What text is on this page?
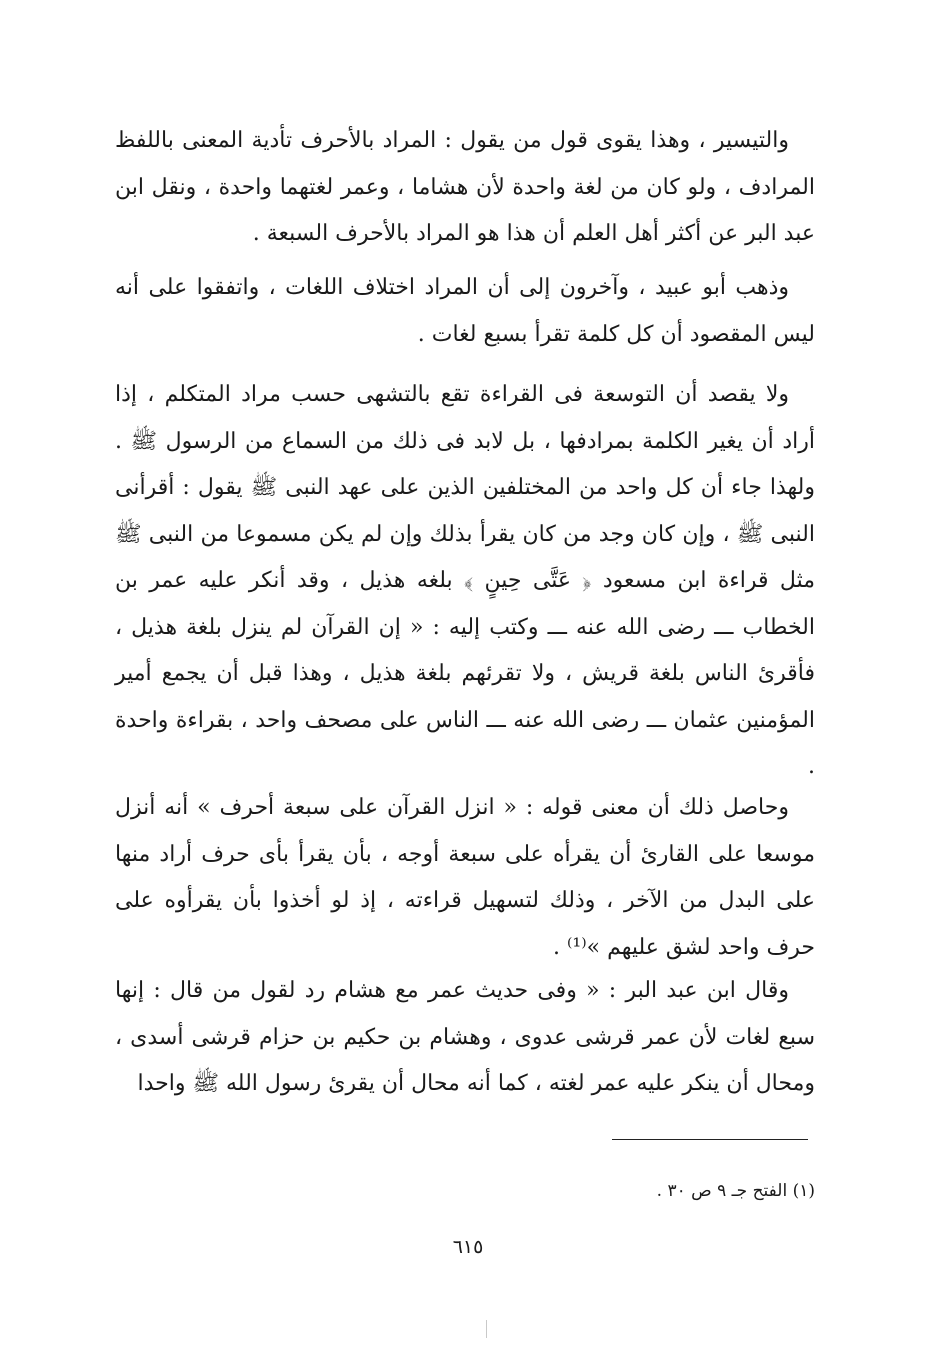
والتيسير ، وهذا يقوى قول من يقول : المراد بالأحرف تأدية المعنى باللفظ المرادف ، ولو كان من لغة واحدة لأن هشاما ، وعمر لغتهما واحدة ، ونقل ابن عبد البر عن أكثر أهل العلم أن هذا هو المراد بالأحرف السبعة .

وذهب أبو عبيد ، وآخرون إلى أن المراد اختلاف اللغات ، واتفقوا على أنه ليس المقصود أن كل كلمة تقرأ بسبع لغات .

ولا يقصد أن التوسعة فى القراءة تقع بالتشهى حسب مراد المتكلم ، إذا أراد أن يغير الكلمة بمرادفها ، بل لابد فى ذلك من السماع من الرسول ﷺ . ولهذا جاء أن كل واحد من المختلفين الذين على عهد النبى ﷺ يقول : أقرأنى النبى ﷺ ، وإن كان وجد من كان يقرأ بذلك وإن لم يكن مسموعا من النبى ﷺ مثل قراءة ابن مسعود ﴿ عَتَّى حِينٍ ﴾ بلغه هذيل ، وقد أنكر عليه عمر بن الخطاب ـــ رضى الله عنه ـــ وكتب إليه : « إن القرآن لم ينزل بلغة هذيل ، فأقرئ الناس بلغة قريش ، ولا تقرئهم بلغة هذيل ، وهذا قبل أن يجمع أمير المؤمنين عثمان ـــ رضى الله عنه ـــ الناس على مصحف واحد ، بقراءة واحدة .

وحاصل ذلك أن معنى قوله : « انزل القرآن على سبعة أحرف » أنه أنزل موسعا على القارئ أن يقرأه على سبعة أوجه ، بأن يقرأ بأى حرف أراد منها على البدل من الآخر ، وذلك لتسهيل قراءته ، إذ لو أخذوا بأن يقرأوه على حرف واحد لشق عليهم »⁽¹⁾ .

وقال ابن عبد البر : « وفى حديث عمر مع هشام رد لقول من قال : إنها سبع لغات لأن عمر قرشى عدوى ، وهشام بن حكيم بن حزام قرشى أسدى ، ومحال أن ينكر عليه عمر لغته ، كما أنه محال أن يقرئ رسول الله ﷺ واحدا

(١) الفتح جـ ٩ ص ٣٠ .
٦١٥
